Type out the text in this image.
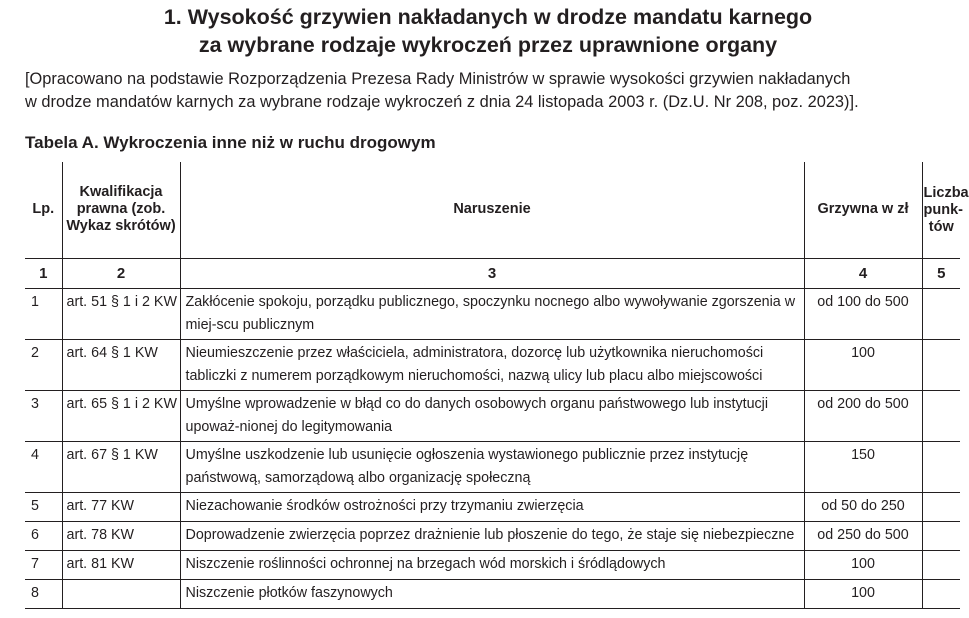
1. Wysokość grzywien nakładanych w drodze mandatu karnego
za wybrane rodzaje wykroczeń przez uprawnione organy
[Opracowano na podstawie Rozporządzenia Prezesa Rady Ministrów w sprawie wysokości grzywien nakładanych
w drodze mandatów karnych za wybrane rodzaje wykroczeń z dnia 24 listopada 2003 r. (Dz.U. Nr 208, poz. 2023)].
Tabela A. Wykroczenia inne niż w ruchu drogowym
Lp.	Kwalifikacja prawna (zob. Wykaz skrótów)	Naruszenie	Grzywna w zł	Liczba punk-tów
1	2	3	4	5
1	art. 51 § 1 i 2 KW	Zakłócenie spokoju, porządku publicznego, spoczynku nocnego albo wywoływanie zgorszenia w miej-scu publicznym	od 100 do 500	
2	art. 64 § 1 KW	Nieumieszczenie przez właściciela, administratora, dozorcę lub użytkownika nieruchomości tabliczki z numerem porządkowym nieruchomości, nazwą ulicy lub placu albo miejscowości	100	
3	art. 65 § 1 i 2 KW	Umyślne wprowadzenie w błąd co do danych osobowych organu państwowego lub instytucji upoważ-nionej do legitymowania	od 200 do 500	
4	art. 67 § 1 KW	Umyślne uszkodzenie lub usunięcie ogłoszenia wystawionego publicznie przez instytucję państwową, samorządową albo organizację społeczną	150	
5	art. 77 KW	Niezachowanie środków ostrożności przy trzymaniu zwierzęcia	od 50 do 250	
6	art. 78 KW	Doprowadzenie zwierzęcia poprzez drażnienie lub płoszenie do tego, że staje się niebezpieczne	od 250 do 500	
7	art. 81 KW	Niszczenie roślinności ochronnej na brzegach wód morskich i śródlądowych	100	
8		Niszczenie płotków faszynowych	100	
